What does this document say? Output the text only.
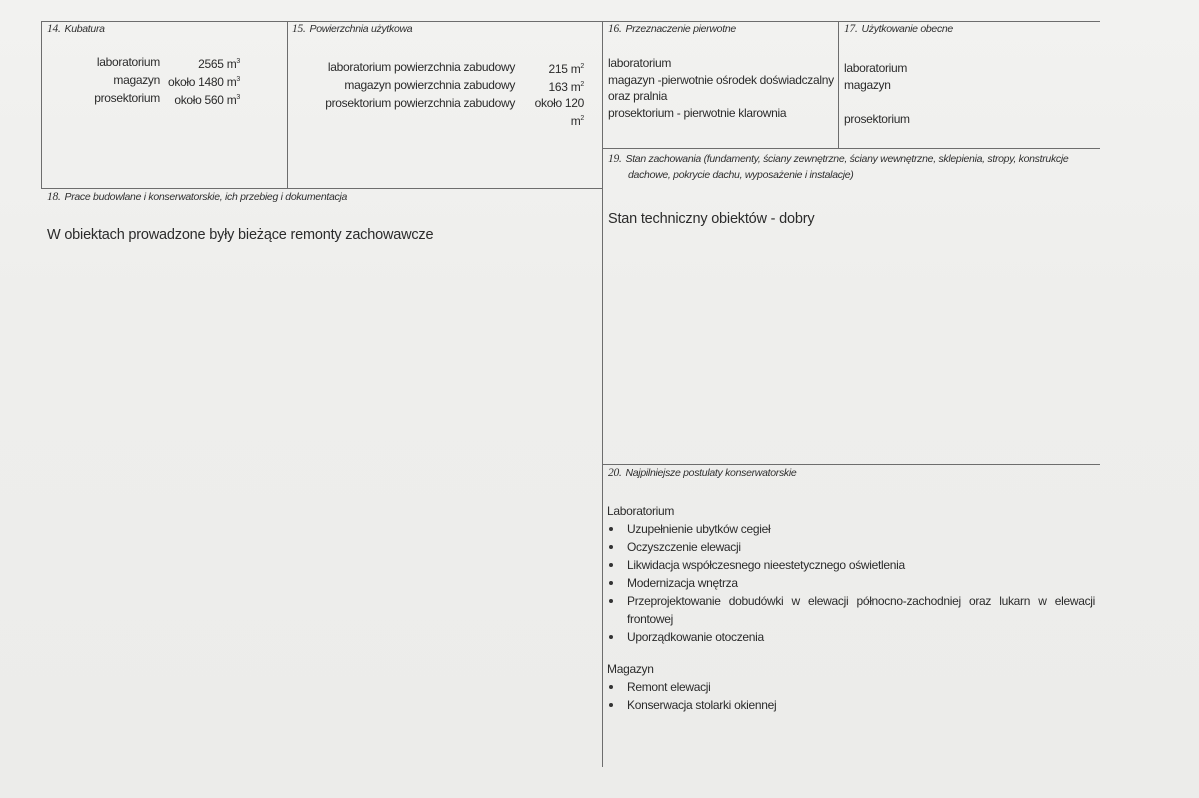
14. Kubatura
laboratorium	2565 $m^3$
magazyn około 1480 $m^3$
prosektorium około 560 $m^3$
15. Powierzchnia użytkowa
laboratorium powierzchnia zabudowy	215 $m^2$
magazyn powierzchnia zabudowy	163 $m^2$
prosektorium powierzchnia zabudowy	około 120 $m^2$
16. Przeznaczenie pierwotne
laboratorium
magazyn -pierwotnie ośrodek doświadczalny
oraz pralnia
prosektorium - pierwotnie klarownia
17. Użytkowanie obecne
laboratorium
magazyn
prosektorium
18. Prace budowlane i konserwatorskie, ich przebieg i dokumentacja
W obiektach prowadzone były bieżące remonty zachowawcze
19. Stan zachowania (fundamenty, ściany zewnętrzne, ściany wewnętrzne, sklepienia, stropy, konstrukcje
dachowe, pokrycie dachu, wyposażenie i instalacje)
Stan techniczny obiektów - dobry
20. Najpilniejsze postulaty konserwatorskie
Laboratorium
Uzupełnienie ubytków cegieł
Oczyszczenie elewacji
Likwidacja współczesnego nieestetycznego oświetlenia
Modernizacja wnętrza
Przeprojektowanie dobudówki w elewacji północno-zachodniej oraz lukarn w elewacji frontowej
Uporządkowanie otoczenia
Magazyn
Remont elewacji
Konserwacja stolarki okiennej
